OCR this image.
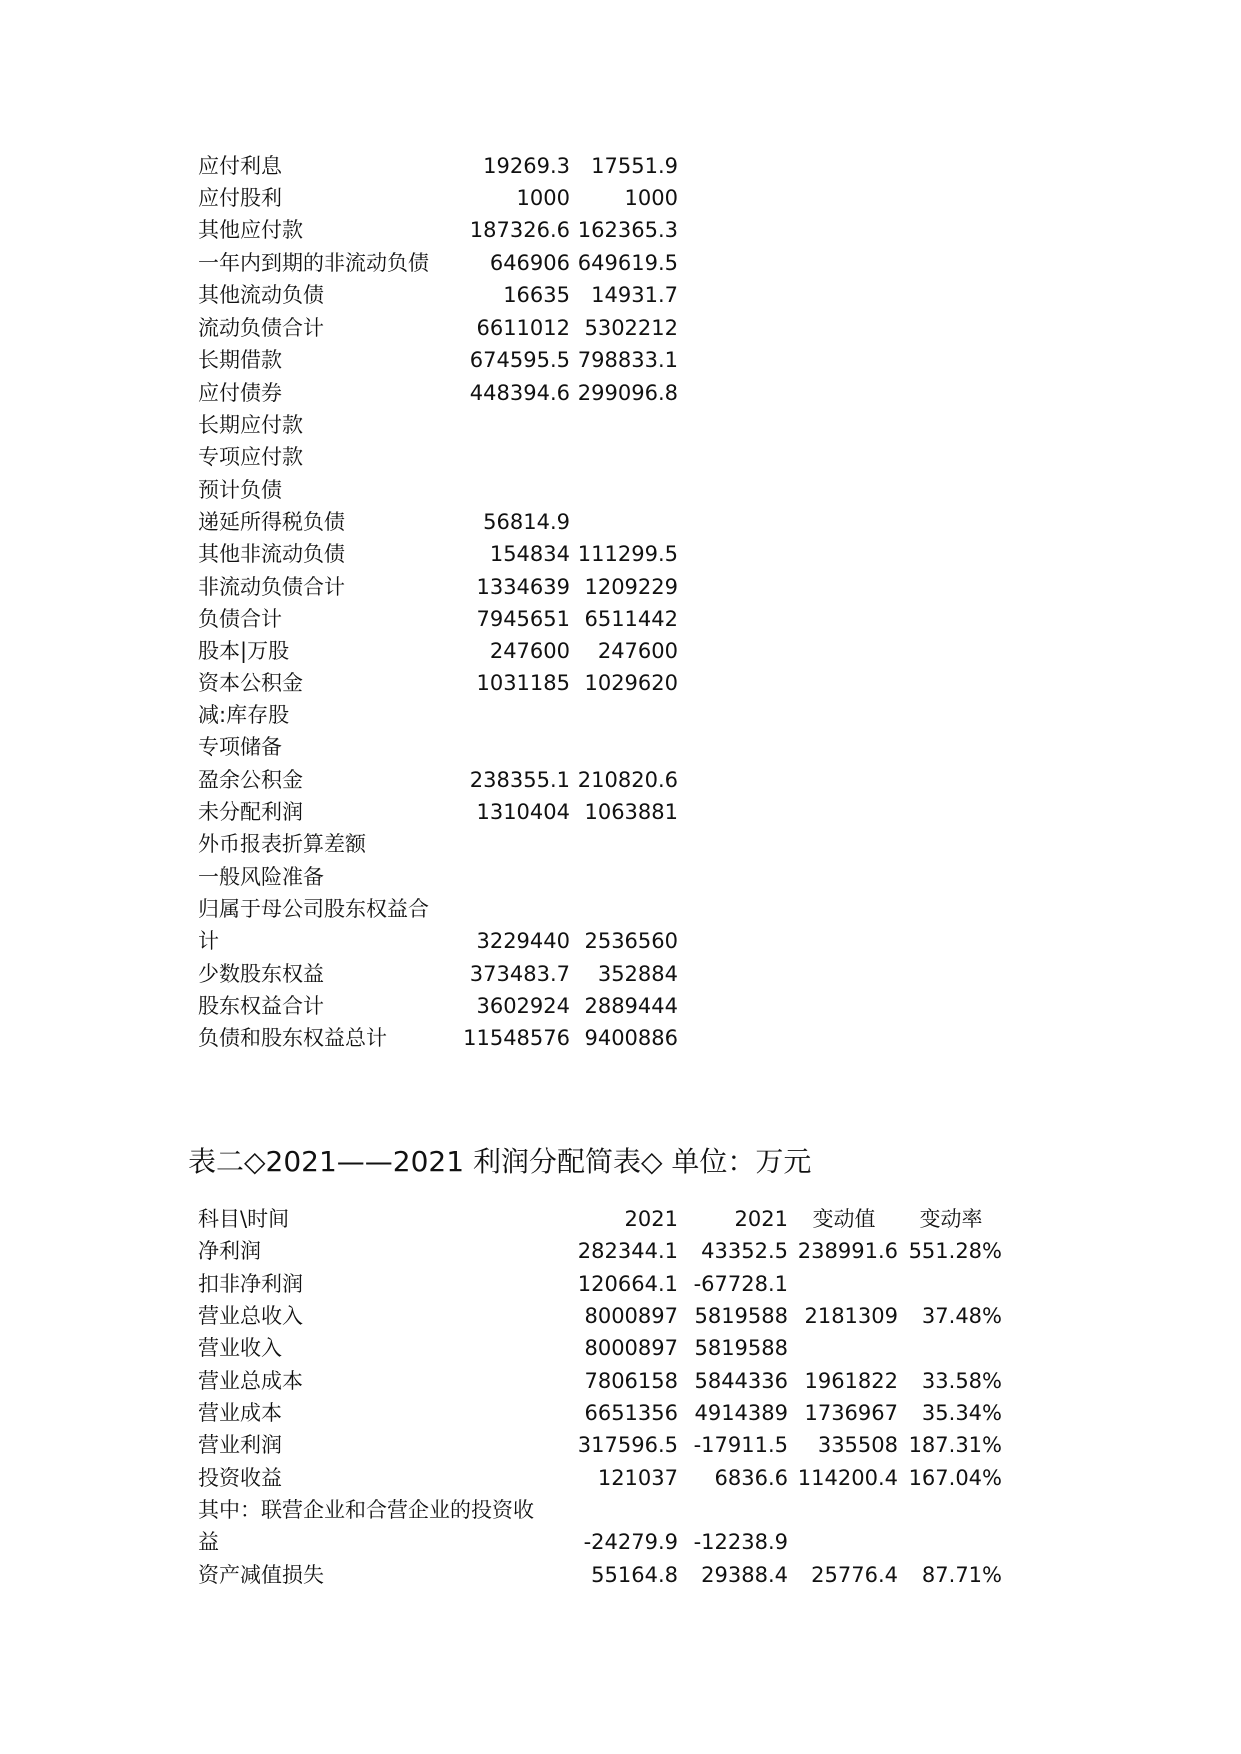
应付利息	19269.3	17551.9
应付股利	1000	1000
其他应付款	187326.6 162365.3
一年内到期的非流动负债	646906 649619.5
其他流动负债	16635	14931.7
流动负债合计	6611012 5302212
长期借款	674595.5 798833.1
应付债券	448394.6 299096.8
长期应付款
专项应付款
预计负债
递延所得税负债	56814.9
其他非流动负债	154834 111299.5
非流动负债合计	1334639 1209229
负债合计	7945651 6511442
股本|万股	247600	247600
资本公积金	1031185 1029620
减:库存股
专项储备
盈余公积金	238355.1 210820.6
未分配利润	1310404 1063881
外币报表折算差额
一般风险准备
归属于母公司股东权益合
计	3229440 2536560
少数股东权益	373483.7	352884
股东权益合计	3602924 2889444
负债和股东权益总计	11548576 9400886
表二◇2021——2021 利润分配简表◇ 单位：万元
科目\时间	2021	2021	变动值	变动率
净利润	282344.1	43352.5 238991.6 551.28%
扣非净利润	120664.1 -67728.1
营业总收入	8000897 5819588 2181309	37.48%
营业收入	8000897 5819588
营业总成本	7806158 5844336 1961822	33.58%
营业成本	6651356 4914389 1736967	35.34%
营业利润	317596.5 -17911.5	335508 187.31%
投资收益	121037	6836.6 114200.4 167.04%
其中：联营企业和合营企业的投资收
益	-24279.9 -12238.9
资产减值损失	55164.8	29388.4	25776.4	87.71%
